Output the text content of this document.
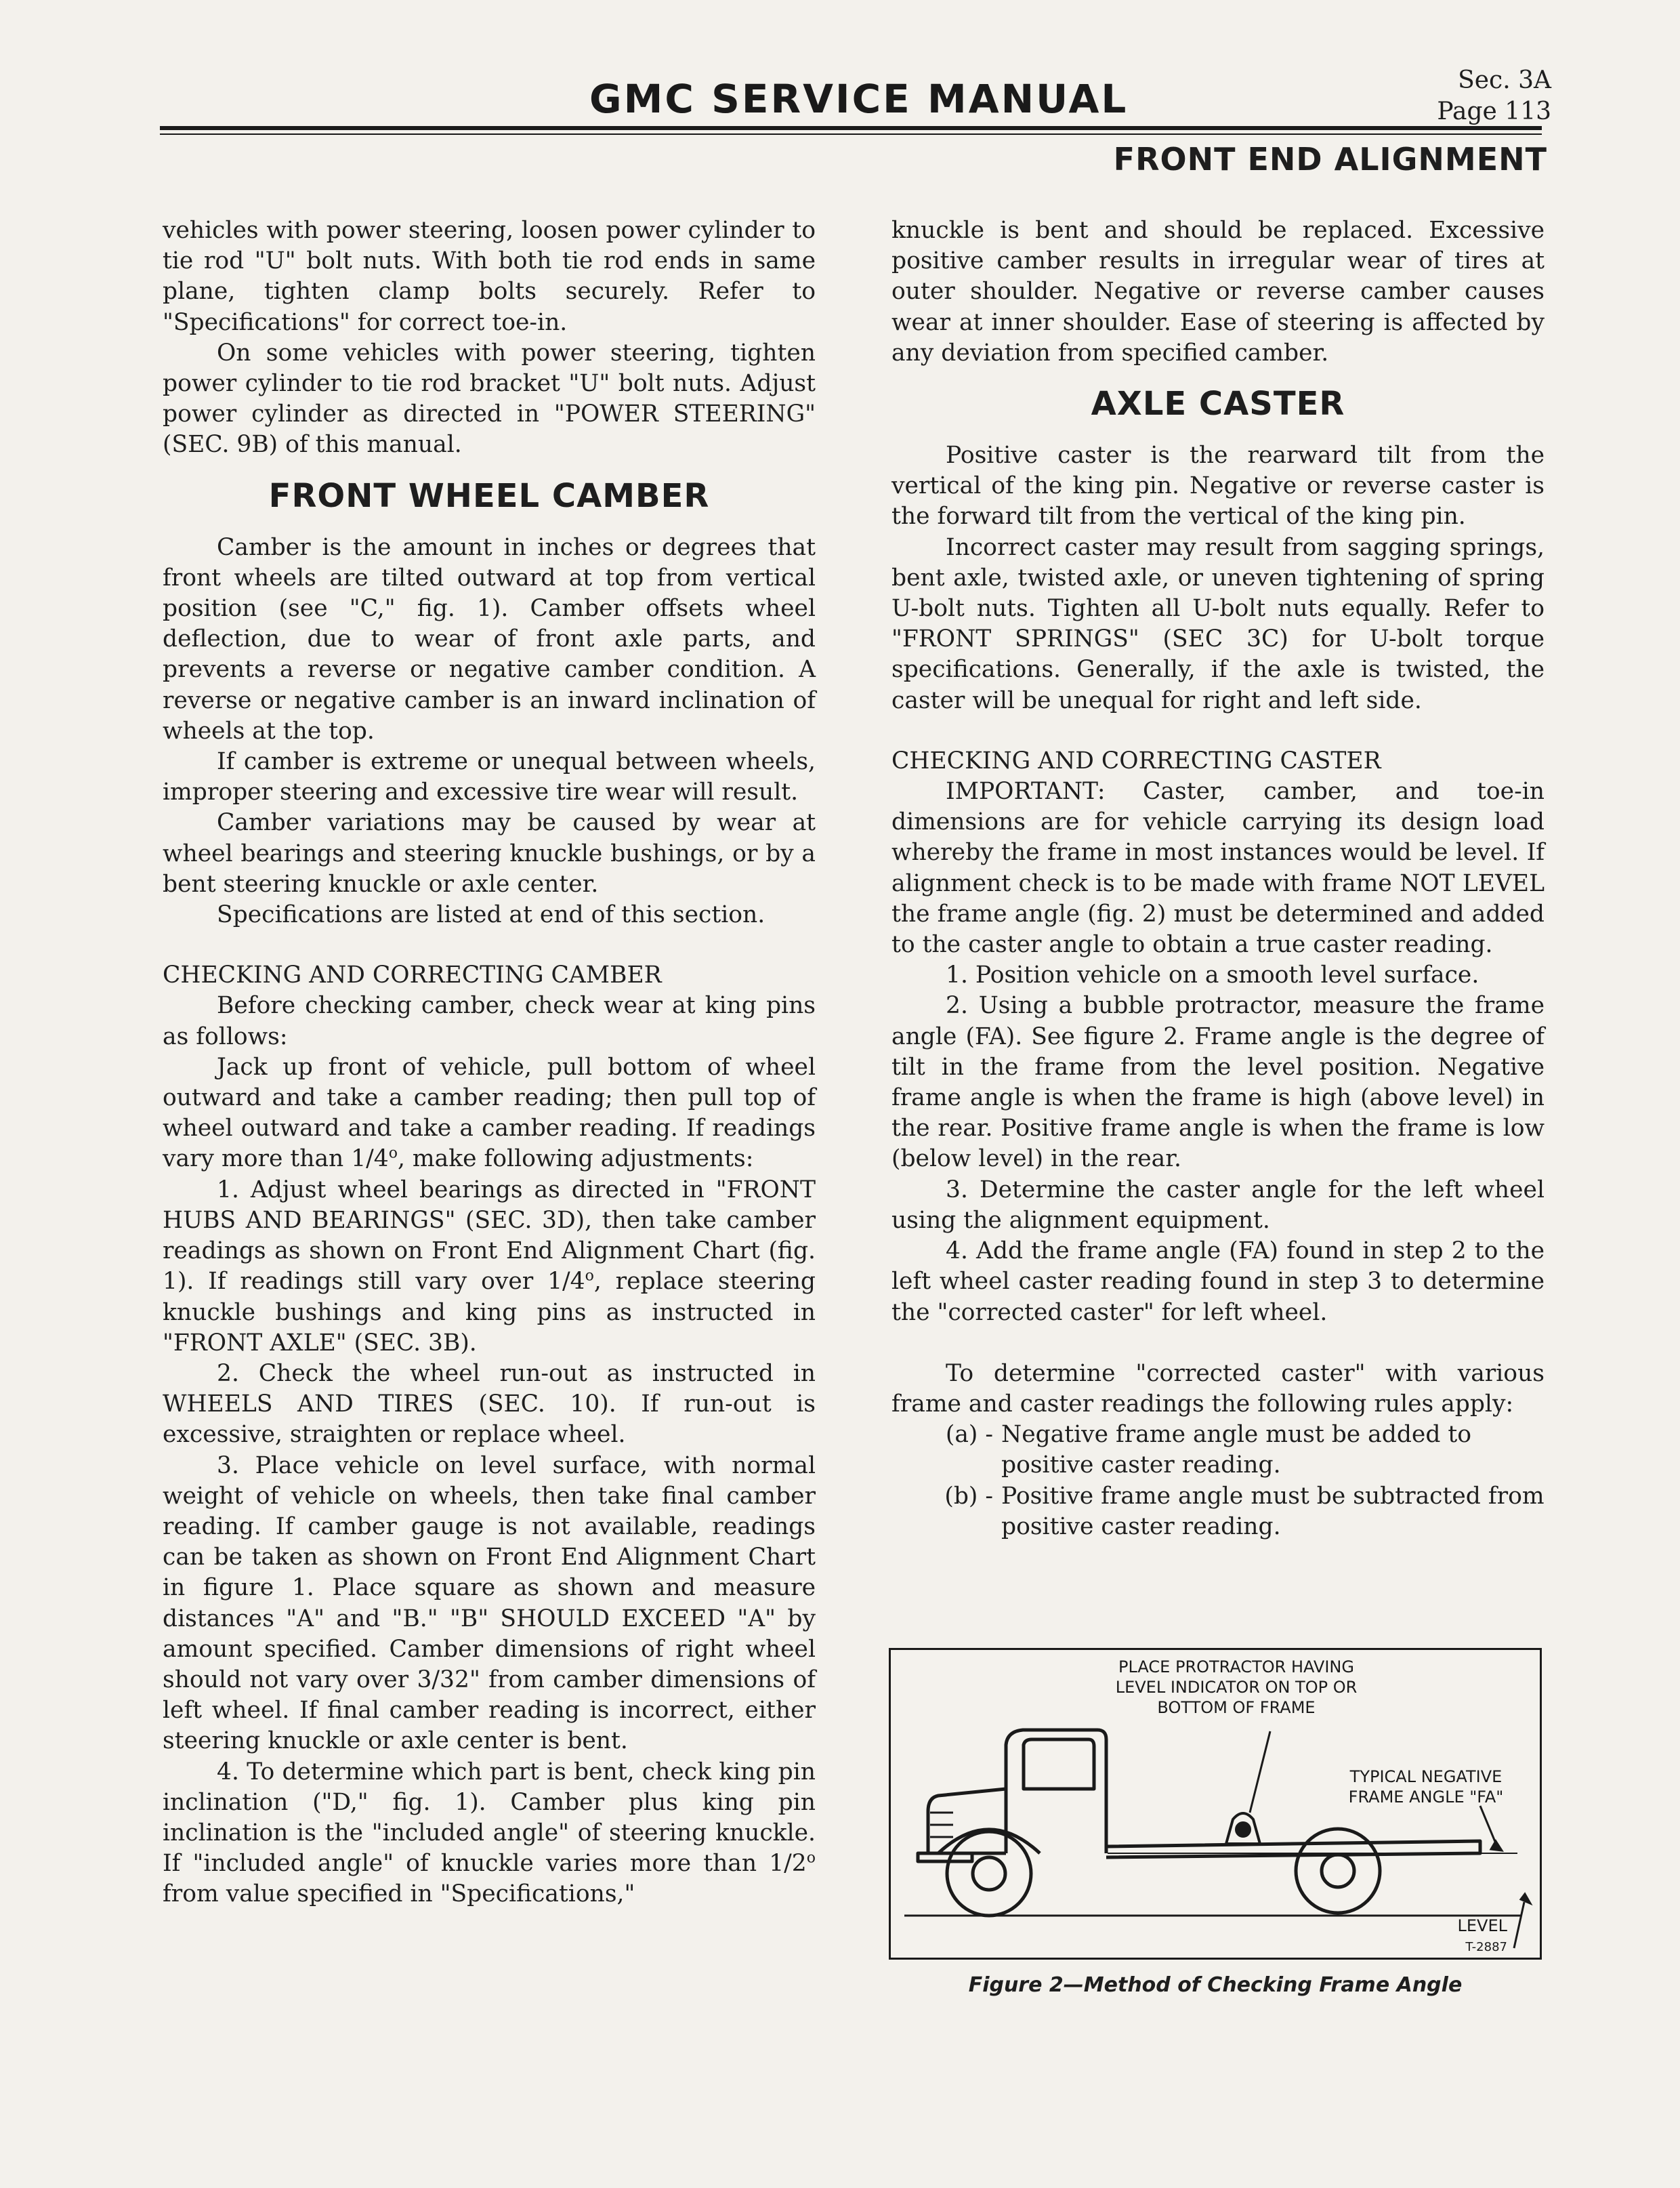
GMC SERVICE MANUAL	Sec. 3A
Page 113
FRONT END ALIGNMENT

vehicles with power steering, loosen power cylinder to tie rod "U" bolt nuts. With both tie rod ends in same plane, tighten clamp bolts securely. Refer to "Specifications" for correct toe-in.

On some vehicles with power steering, tighten power cylinder to tie rod bracket "U" bolt nuts. Adjust power cylinder as directed in "POWER STEERING" (SEC. 9B) of this manual.

FRONT WHEEL CAMBER

Camber is the amount in inches or degrees that front wheels are tilted outward at top from vertical position (see "C," fig. 1). Camber offsets wheel deflection, due to wear of front axle parts, and prevents a reverse or negative camber condition. A reverse or negative camber is an inward inclination of wheels at the top.

If camber is extreme or unequal between wheels, improper steering and excessive tire wear will result.

Camber variations may be caused by wear at wheel bearings and steering knuckle bushings, or by a bent steering knuckle or axle center.

Specifications are listed at end of this section.

CHECKING AND CORRECTING CAMBER

Before checking camber, check wear at king pins as follows:

Jack up front of vehicle, pull bottom of wheel outward and take a camber reading; then pull top of wheel outward and take a camber reading. If readings vary more than 1/4$^o$, make following adjustments:

1. Adjust wheel bearings as directed in "FRONT HUBS AND BEARINGS" (SEC. 3D), then take camber readings as shown on Front End Alignment Chart (fig. 1). If readings still vary over 1/4$^o$, replace steering knuckle bushings and king pins as instructed in "FRONT AXLE" (SEC. 3B).

2. Check the wheel run-out as instructed in WHEELS AND TIRES (SEC. 10). If run-out is excessive, straighten or replace wheel.

3. Place vehicle on level surface, with normal weight of vehicle on wheels, then take final camber reading. If camber gauge is not available, readings can be taken as shown on Front End Alignment Chart in figure 1. Place square as shown and measure distances "A" and "B." "B" SHOULD EXCEED "A" by amount specified. Camber dimensions of right wheel should not vary over 3/32" from camber dimensions of left wheel. If final camber reading is incorrect, either steering knuckle or axle center is bent.

4. To determine which part is bent, check king pin inclination ("D," fig. 1). Camber plus king pin inclination is the "included angle" of steering knuckle. If "included angle" of knuckle varies more than 1/2$^o$ from value specified in "Specifications,"

knuckle is bent and should be replaced. Excessive positive camber results in irregular wear of tires at outer shoulder. Negative or reverse camber causes wear at inner shoulder. Ease of steering is affected by any deviation from specified camber.

AXLE CASTER

Positive caster is the rearward tilt from the vertical of the king pin. Negative or reverse caster is the forward tilt from the vertical of the king pin.

Incorrect caster may result from sagging springs, bent axle, twisted axle, or uneven tightening of spring U-bolt nuts. Tighten all U-bolt nuts equally. Refer to "FRONT SPRINGS" (SEC 3C) for U-bolt torque specifications. Generally, if the axle is twisted, the caster will be unequal for right and left side.

CHECKING AND CORRECTING CASTER

IMPORTANT: Caster, camber, and toe-in dimensions are for vehicle carrying its design load whereby the frame in most instances would be level. If alignment check is to be made with frame NOT LEVEL the frame angle (fig. 2) must be determined and added to the caster angle to obtain a true caster reading.

1. Position vehicle on a smooth level surface.

2. Using a bubble protractor, measure the frame angle (FA). See figure 2. Frame angle is the degree of tilt in the frame from the level position. Negative frame angle is when the frame is high (above level) in the rear. Positive frame angle is when the frame is low (below level) in the rear.

3. Determine the caster angle for the left wheel using the alignment equipment.

4. Add the frame angle (FA) found in step 2 to the left wheel caster reading found in step 3 to determine the "corrected caster" for left wheel.

To determine "corrected caster" with various frame and caster readings the following rules apply:

(a) - Negative frame angle must be added to positive caster reading.
(b) - Positive frame angle must be subtracted from positive caster reading.
PLACE PROTRACTOR HAVING
LEVEL INDICATOR ON TOP OR
BOTTOM OF FRAME
TYPICAL NEGATIVE
FRAME ANGLE "FA"
LEVEL
T-2887
Figure 2—Method of Checking Frame Angle
